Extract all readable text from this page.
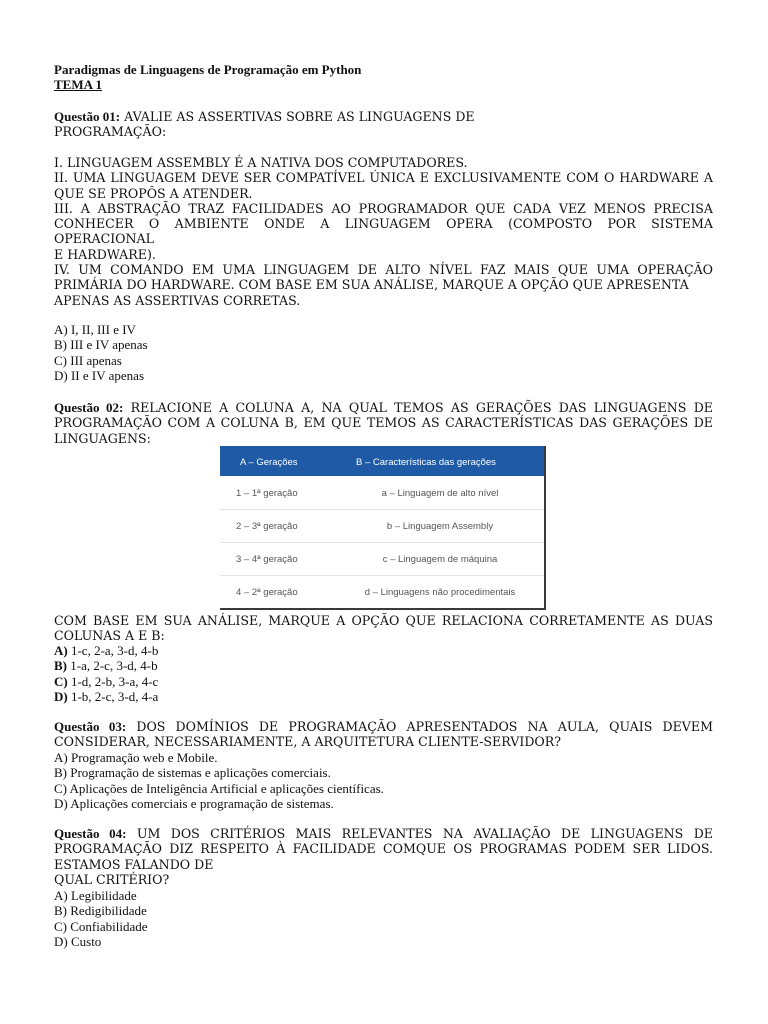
Paradigmas de Linguagens de Programação em Python
TEMA 1
Questão 01: AVALIE AS ASSERTIVAS SOBRE AS LINGUAGENS DE
PROGRAMAÇÃO:
I. LINGUAGEM ASSEMBLY É A NATIVA DOS COMPUTADORES.
II. UMA LINGUAGEM DEVE SER COMPATÍVEL ÚNICA E EXCLUSIVAMENTE COM O HARDWARE A
QUE SE PROPÔS A ATENDER.
III. A ABSTRAÇÃO TRAZ FACILIDADES AO PROGRAMADOR QUE CADA VEZ MENOS PRECISA
CONHECER O AMBIENTE ONDE A LINGUAGEM OPERA (COMPOSTO POR SISTEMA OPERACIONAL
E HARDWARE).
IV. UM COMANDO EM UMA LINGUAGEM DE ALTO NÍVEL FAZ MAIS QUE UMA OPERAÇÃO
PRIMÁRIA DO HARDWARE. COM BASE EM SUA ANÁLISE, MARQUE A OPÇÃO QUE APRESENTA
APENAS AS ASSERTIVAS CORRETAS.
A) I, II, III e IV
B) III e IV apenas
C) III apenas
D) II e IV apenas
Questão 02: RELACIONE A COLUNA A, NA QUAL TEMOS AS GERAÇÕES DAS LINGUAGENS DE
PROGRAMAÇÃO COM A COLUNA B, EM QUE TEMOS AS CARACTERÍSTICAS DAS GERAÇÕES DE
LINGUAGENS:
A – Gerações	B – Características das gerações
1 – 1ª geração	a – Linguagem de alto nível
2 – 3ª geração	b – Linguagem Assembly
3 – 4ª geração	c – Linguagem de máquina
4 – 2ª geração	d – Linguagens não procedimentais
COM BASE EM SUA ANÁLISE, MARQUE A OPÇÃO QUE RELACIONA CORRETAMENTE AS DUAS
COLUNAS A E B:
A) 1-c, 2-a, 3-d, 4-b
B) 1-a, 2-c, 3-d, 4-b
C) 1-d, 2-b, 3-a, 4-c
D) 1-b, 2-c, 3-d, 4-a
Questão 03: DOS DOMÍNIOS DE PROGRAMAÇÃO APRESENTADOS NA AULA, QUAIS DEVEM
CONSIDERAR, NECESSARIAMENTE, A ARQUITETURA CLIENTE-SERVIDOR?
A) Programação web e Mobile.
B) Programação de sistemas e aplicações comerciais.
C) Aplicações de Inteligência Artificial e aplicações científicas.
D) Aplicações comerciais e programação de sistemas.
Questão 04: UM DOS CRITÉRIOS MAIS RELEVANTES NA AVALIAÇÃO DE LINGUAGENS DE
PROGRAMAÇÃO DIZ RESPEITO À FACILIDADE COMQUE OS PROGRAMAS PODEM SER LIDOS.
ESTAMOS FALANDO DE
QUAL CRITÉRIO?
A) Legibilidade
B) Redigibilidade
C) Confiabilidade
D) Custo
